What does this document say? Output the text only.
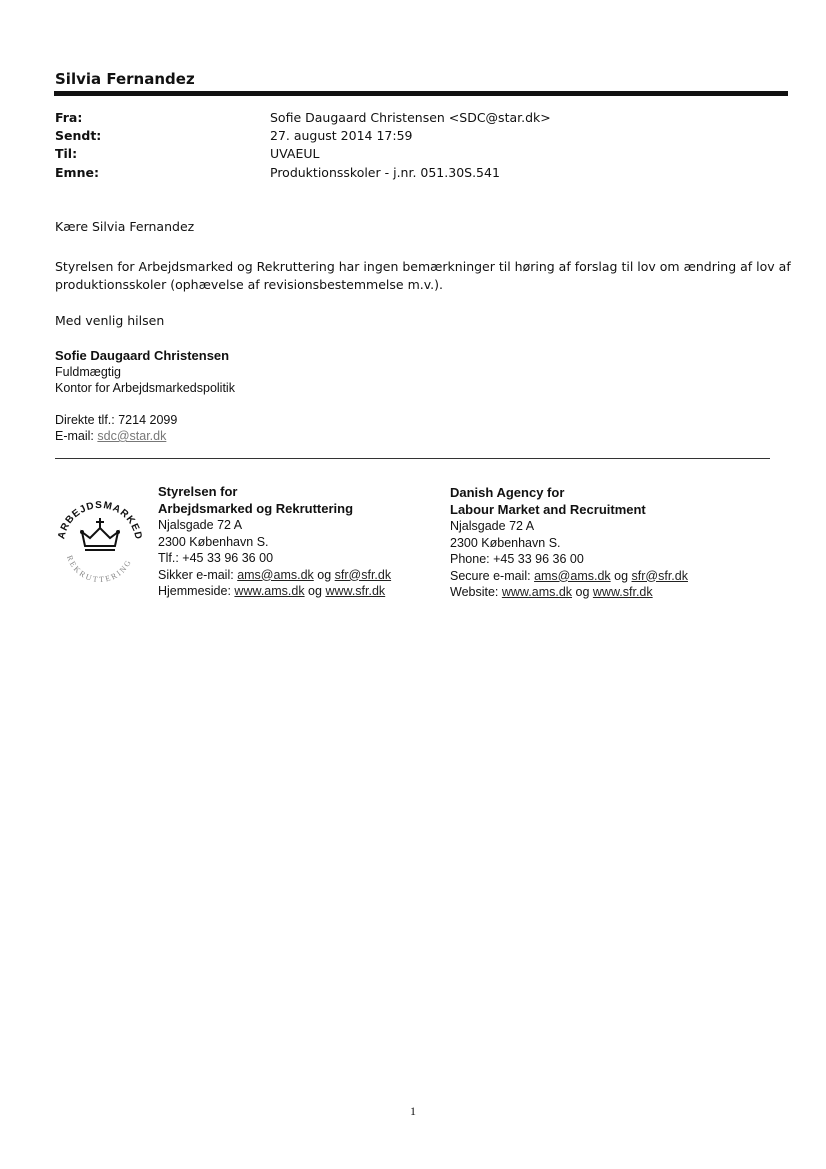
Silvia Fernandez
Fra:	Sofie Daugaard Christensen <SDC@star.dk>
Sendt:	27. august 2014 17:59
Til:	UVAEUL
Emne:	Produktionsskoler - j.nr. 051.30S.541
Kære Silvia Fernandez
Styrelsen for Arbejdsmarked og Rekruttering har ingen bemærkninger til høring af forslag til lov om ændring af lov af
produktionsskoler (ophævelse af revisionsbestemmelse m.v.).
Med venlig hilsen
Sofie Daugaard Christensen
Fuldmægtig
Kontor for Arbejdsmarkedspolitik
Direkte tlf.: 7214 2099
E-mail: sdc@star.dk
ARBEJDSMARKED
REKRUTTERING
Styrelsen for
Arbejdsmarked og Rekruttering
Njalsgade 72 A
2300 København S.
Tlf.: +45 33 96 36 00
Sikker e-mail: ams@ams.dk og sfr@sfr.dk
Hjemmeside: www.ams.dk og www.sfr.dk
Danish Agency for
Labour Market and Recruitment
Njalsgade 72 A
2300 København S.
Phone: +45 33 96 36 00
Secure e-mail: ams@ams.dk og sfr@sfr.dk
Website: www.ams.dk og www.sfr.dk
1
